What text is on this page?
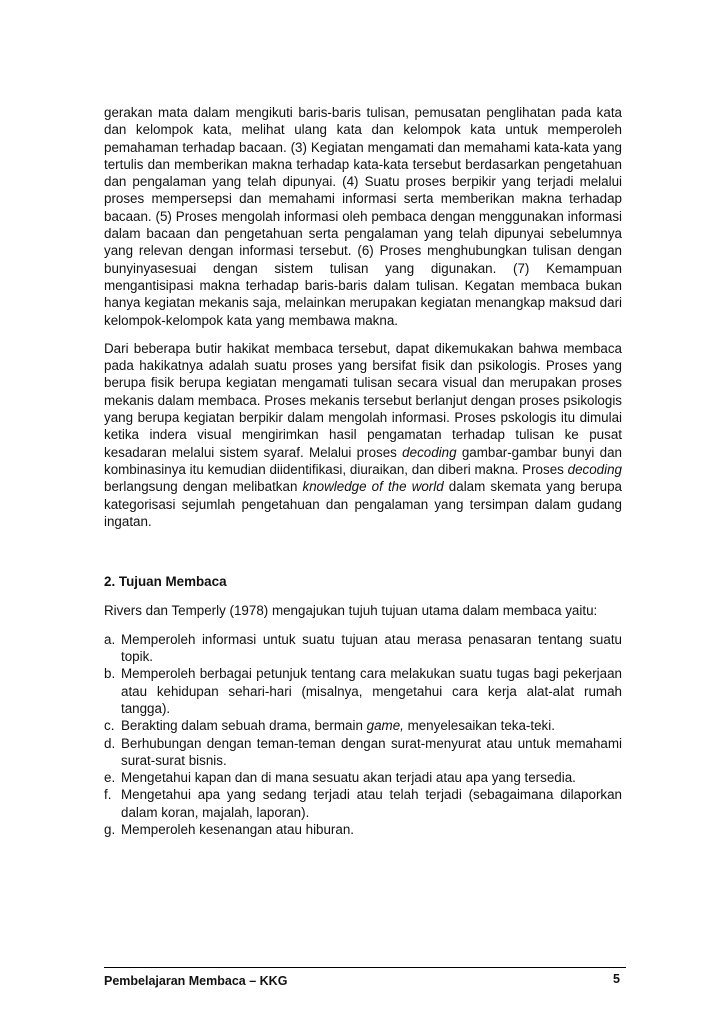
gerakan mata dalam mengikuti baris-baris tulisan, pemusatan penglihatan pada kata dan kelompok kata, melihat ulang kata dan kelompok kata untuk memperoleh pemahaman terhadap bacaan. (3) Kegiatan mengamati dan memahami kata-kata yang tertulis dan memberikan makna terhadap kata-kata tersebut berdasarkan pengetahuan dan pengalaman yang telah dipunyai. (4) Suatu proses berpikir yang terjadi melalui proses mempersepsi dan memahami informasi serta memberikan makna terhadap bacaan. (5) Proses mengolah informasi oleh pembaca dengan menggunakan informasi dalam bacaan dan pengetahuan serta pengalaman yang telah dipunyai sebelumnya yang relevan dengan informasi tersebut. (6) Proses menghubungkan tulisan dengan bunyinyasesuai dengan sistem tulisan yang digunakan. (7) Kemampuan mengantisipasi makna terhadap baris-baris dalam tulisan. Kegatan membaca bukan hanya kegiatan mekanis saja, melainkan merupakan kegiatan menangkap maksud dari kelompok-kelompok kata yang membawa makna.

Dari beberapa butir hakikat membaca tersebut, dapat dikemukakan bahwa membaca pada hakikatnya adalah suatu proses yang bersifat fisik dan psikologis. Proses yang berupa fisik berupa kegiatan mengamati tulisan secara visual dan merupakan proses mekanis dalam membaca. Proses mekanis tersebut berlanjut dengan proses psikologis yang berupa kegiatan berpikir dalam mengolah informasi. Proses pskologis itu dimulai ketika indera visual mengirimkan hasil pengamatan terhadap tulisan ke pusat kesadaran melalui sistem syaraf. Melalui proses decoding gambar-gambar bunyi dan kombinasinya itu kemudian diidentifikasi, diuraikan, dan diberi makna. Proses decoding berlangsung dengan melibatkan knowledge of the world dalam skemata yang berupa kategorisasi sejumlah pengetahuan dan pengalaman yang tersimpan dalam gudang ingatan.

2. Tujuan Membaca

Rivers dan Temperly (1978) mengajukan tujuh tujuan utama dalam membaca yaitu:

a. Memperoleh informasi untuk suatu tujuan atau merasa penasaran tentang suatu topik.
b. Memperoleh berbagai petunjuk tentang cara melakukan suatu tugas bagi pekerjaan atau kehidupan sehari-hari (misalnya, mengetahui cara kerja alat-alat rumah tangga).
c. Berakting dalam sebuah drama, bermain game, menyelesaikan teka-teki.
d. Berhubungan dengan teman-teman dengan surat-menyurat atau untuk memahami surat-surat bisnis.
e. Mengetahui kapan dan di mana sesuatu akan terjadi atau apa yang tersedia.
f. Mengetahui apa yang sedang terjadi atau telah terjadi (sebagaimana dilaporkan dalam koran, majalah, laporan).
g. Memperoleh kesenangan atau hiburan.
Pembelajaran Membaca – KKG	5
